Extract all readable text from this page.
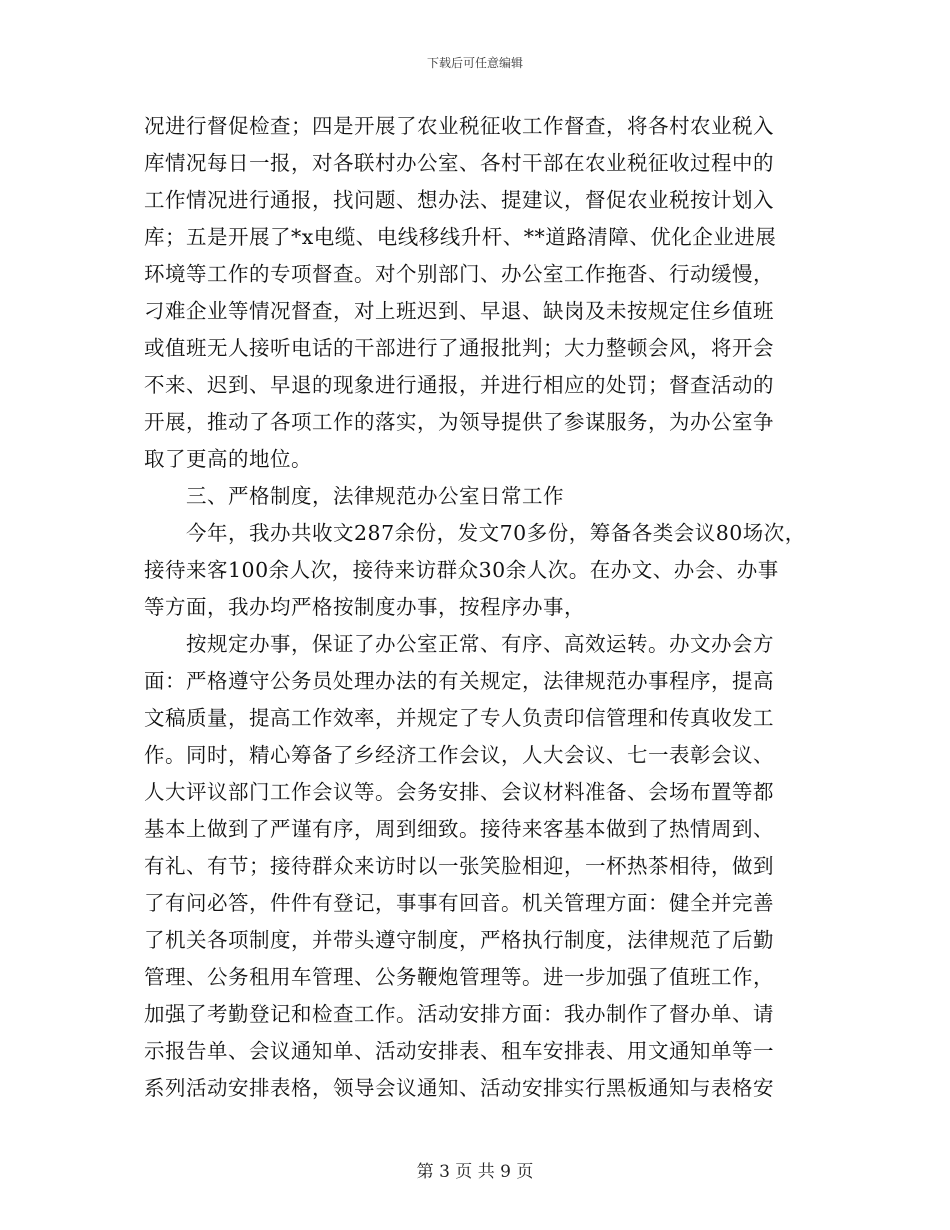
下载后可任意编辑
况进行督促检查；四是开展了农业税征收工作督查，将各村农业税入
库情况每日一报，对各联村办公室、各村干部在农业税征收过程中的
工作情况进行通报，找问题、想办法、提建议，督促农业税按计划入
库；五是开展了*x电缆、电线移线升杆、**道路清障、优化企业进展
环境等工作的专项督查。对个别部门、办公室工作拖沓、行动缓慢，
刁难企业等情况督查，对上班迟到、早退、缺岗及未按规定住乡值班
或值班无人接听电话的干部进行了通报批判；大力整顿会风，将开会
不来、迟到、早退的现象进行通报，并进行相应的处罚；督查活动的
开展，推动了各项工作的落实，为领导提供了参谋服务，为办公室争
取了更高的地位。
三、严格制度，法律规范办公室日常工作
今年，我办共收文287余份，发文70多份，筹备各类会议80场次，
接待来客100余人次，接待来访群众30余人次。在办文、办会、办事
等方面，我办均严格按制度办事，按程序办事，
按规定办事，保证了办公室正常、有序、高效运转。办文办会方
面：严格遵守公务员处理办法的有关规定，法律规范办事程序，提高
文稿质量，提高工作效率，并规定了专人负责印信管理和传真收发工
作。同时，精心筹备了乡经济工作会议，人大会议、七一表彰会议、
人大评议部门工作会议等。会务安排、会议材料准备、会场布置等都
基本上做到了严谨有序，周到细致。接待来客基本做到了热情周到、
有礼、有节；接待群众来访时以一张笑脸相迎，一杯热茶相待，做到
了有问必答，件件有登记，事事有回音。机关管理方面：健全并完善
了机关各项制度，并带头遵守制度，严格执行制度，法律规范了后勤
管理、公务租用车管理、公务鞭炮管理等。进一步加强了值班工作，
加强了考勤登记和检查工作。活动安排方面：我办制作了督办单、请
示报告单、会议通知单、活动安排表、租车安排表、用文通知单等一
系列活动安排表格，领导会议通知、活动安排实行黑板通知与表格安
第 3 页 共 9 页
